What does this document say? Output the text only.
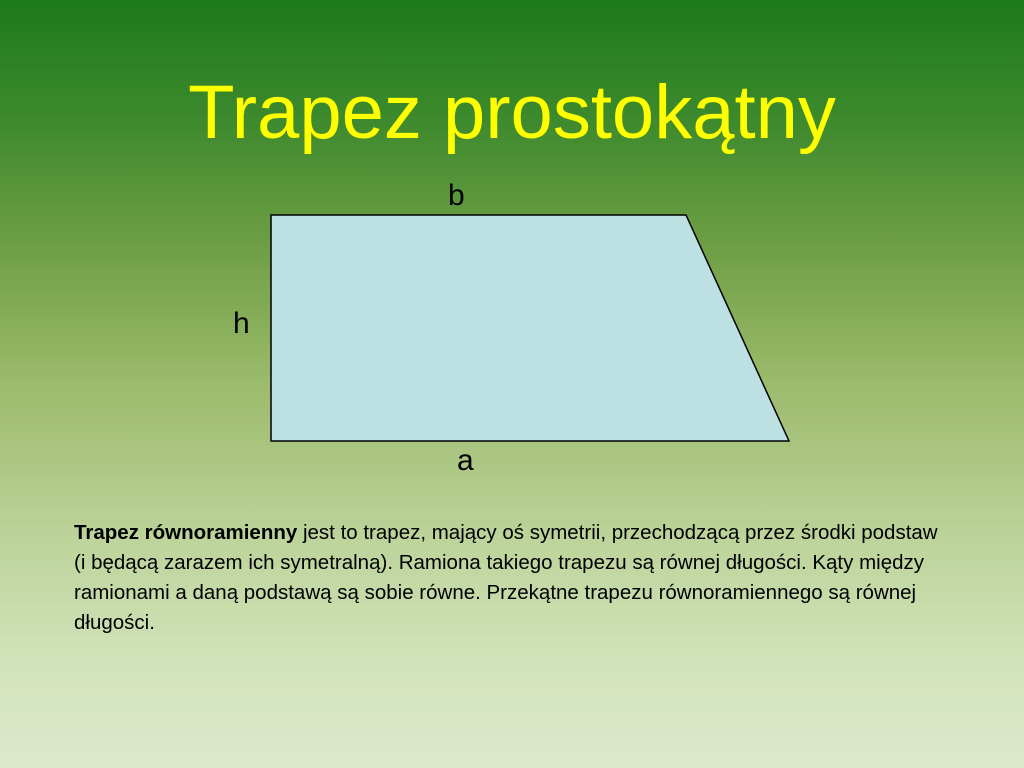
Trapez prostokątny
b
h
a
Trapez równoramienny jest to trapez, mający oś symetrii, przechodzącą przez środki podstaw (i będącą zarazem ich symetralną). Ramiona takiego trapezu są równej długości. Kąty między ramionami a daną podstawą są sobie równe. Przekątne trapezu równoramiennego są równej długości.
